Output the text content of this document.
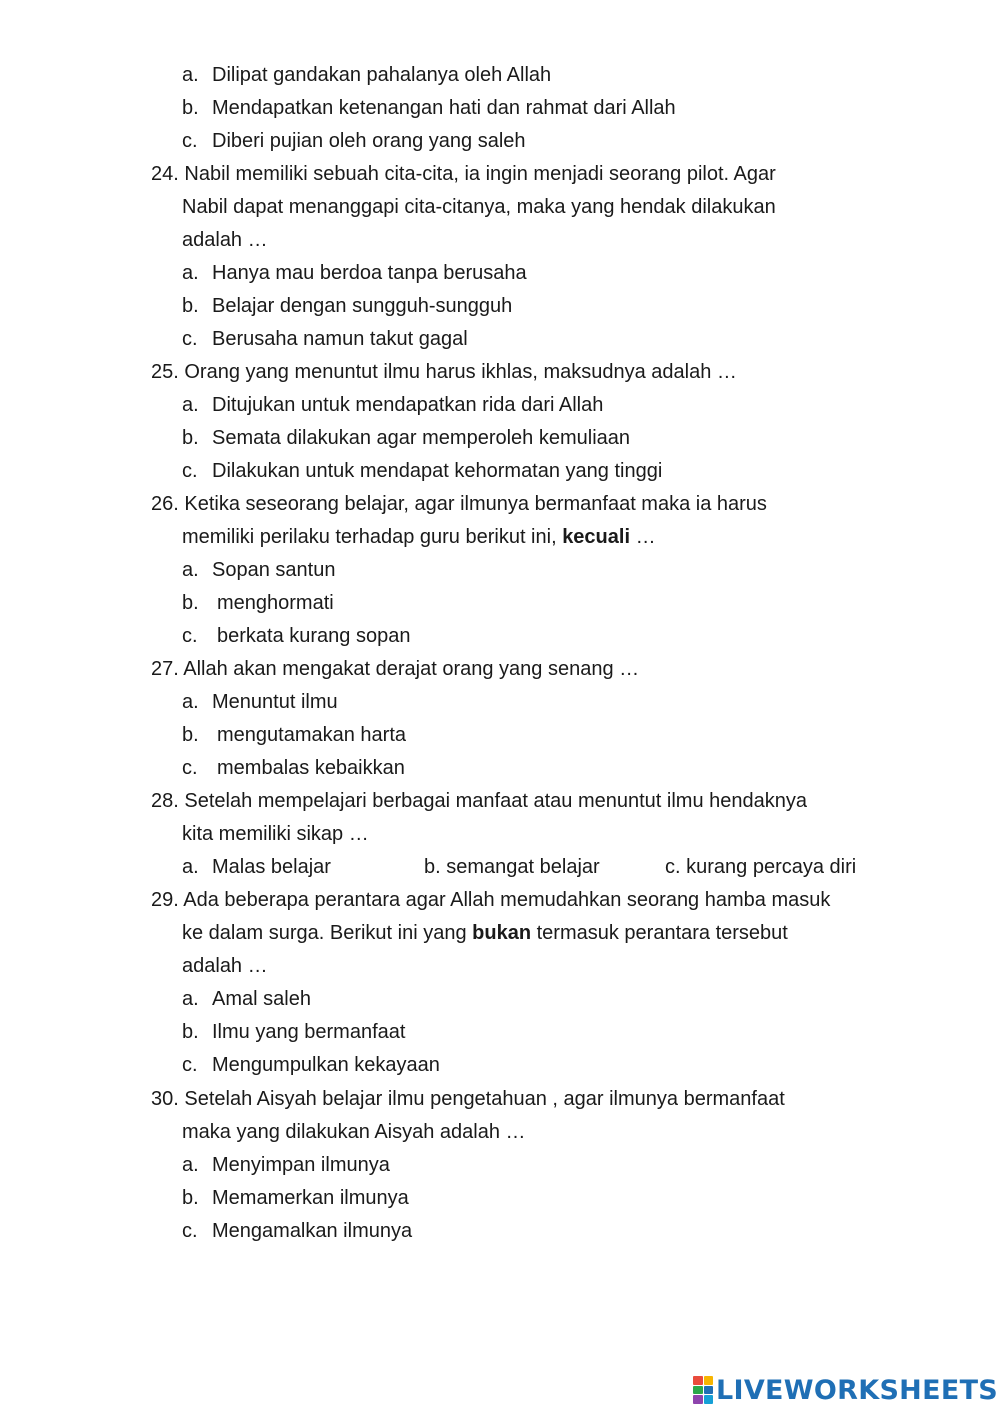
a. Dilipat gandakan pahalanya oleh Allah
b. Mendapatkan ketenangan hati dan rahmat dari Allah
c. Diberi pujian oleh orang yang saleh
24. Nabil memiliki sebuah cita-cita, ia ingin menjadi seorang pilot. Agar
Nabil dapat menanggapi cita-citanya, maka yang hendak dilakukan
adalah …
a. Hanya mau berdoa tanpa berusaha
b. Belajar dengan sungguh-sungguh
c. Berusaha namun takut gagal
25. Orang yang menuntut ilmu harus ikhlas, maksudnya adalah …
a. Ditujukan untuk mendapatkan rida dari Allah
b. Semata dilakukan agar memperoleh kemuliaan
c. Dilakukan untuk mendapat kehormatan yang tinggi
26. Ketika seseorang belajar, agar ilmunya bermanfaat maka ia harus
memiliki perilaku terhadap guru berikut ini, kecuali …
a. Sopan santun
b. menghormati
c. berkata kurang sopan
27. Allah akan mengakat derajat orang yang senang …
a. Menuntut ilmu
b. mengutamakan harta
c. membalas kebaikkan
28. Setelah mempelajari berbagai manfaat atau menuntut ilmu hendaknya
kita memiliki sikap …
a. Malas belajar	b. semangat belajar	c. kurang percaya diri
29. Ada beberapa perantara agar Allah memudahkan seorang hamba masuk
ke dalam surga. Berikut ini yang bukan termasuk perantara tersebut
adalah …
a. Amal saleh
b. Ilmu yang bermanfaat
c. Mengumpulkan kekayaan
30. Setelah Aisyah belajar ilmu pengetahuan , agar ilmunya bermanfaat
maka yang dilakukan Aisyah adalah …
a. Menyimpan ilmunya
b. Memamerkan ilmunya
c. Mengamalkan ilmunya
LIVEWORKSHEETS
